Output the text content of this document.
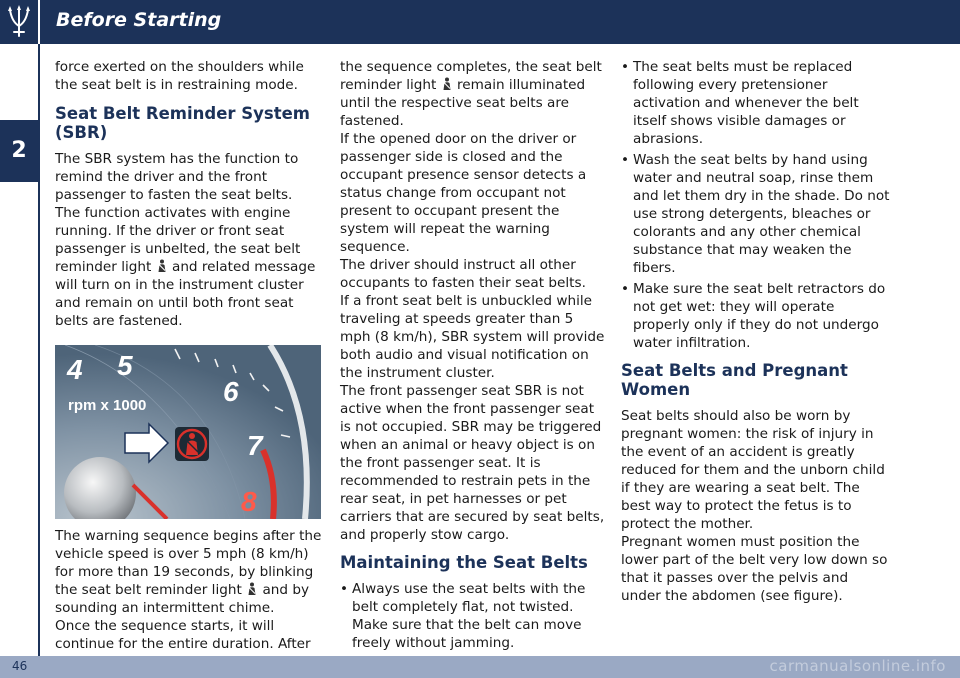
Before Starting
2

force exerted on the shoulders while the seat belt is in restraining mode.

Seat Belt Reminder System (SBR)

The SBR system has the function to remind the driver and the front passenger to fasten the seat belts.

The function activates with engine running. If the driver or front seat passenger is unbelted, the seat belt reminder light and related message will turn on in the instrument cluster and remain on until both front seat belts are fastened.

4 5
6
7
8
rpm x 1000

The warning sequence begins after the vehicle speed is over 5 mph (8 km/h) for more than 19 seconds, by blinking the seat belt reminder light and by sounding an intermittent chime.

Once the sequence starts, it will continue for the entire duration. After

the sequence completes, the seat belt reminder light remain illuminated until the respective seat belts are fastened.

If the opened door on the driver or passenger side is closed and the occupant presence sensor detects a status change from occupant not present to occupant present the system will repeat the warning sequence.

The driver should instruct all other occupants to fasten their seat belts.

If a front seat belt is unbuckled while traveling at speeds greater than 5 mph (8 km/h), SBR system will provide both audio and visual notification on the instrument cluster.

The front passenger seat SBR is not active when the front passenger seat is not occupied. SBR may be triggered when an animal or heavy object is on the front passenger seat. It is recommended to restrain pets in the rear seat, in pet harnesses or pet carriers that are secured by seat belts, and properly stow cargo.

Maintaining the Seat Belts
• Always use the seat belts with the belt completely flat, not twisted. Make sure that the belt can move freely without jamming.
• The seat belts must be replaced following every pretensioner activation and whenever the belt itself shows visible damages or abrasions.
• Wash the seat belts by hand using water and neutral soap, rinse them and let them dry in the shade. Do not use strong detergents, bleaches or colorants and any other chemical substance that may weaken the fibers.
• Make sure the seat belt retractors do not get wet: they will operate properly only if they do not undergo water infiltration.
Seat Belts and Pregnant Women

Seat belts should also be worn by pregnant women: the risk of injury in the event of an accident is greatly reduced for them and the unborn child if they are wearing a seat belt. The best way to protect the fetus is to protect the mother.

Pregnant women must position the lower part of the belt very low down so that it passes over the pelvis and under the abdomen (see figure).

46	carmanualsonline.info
